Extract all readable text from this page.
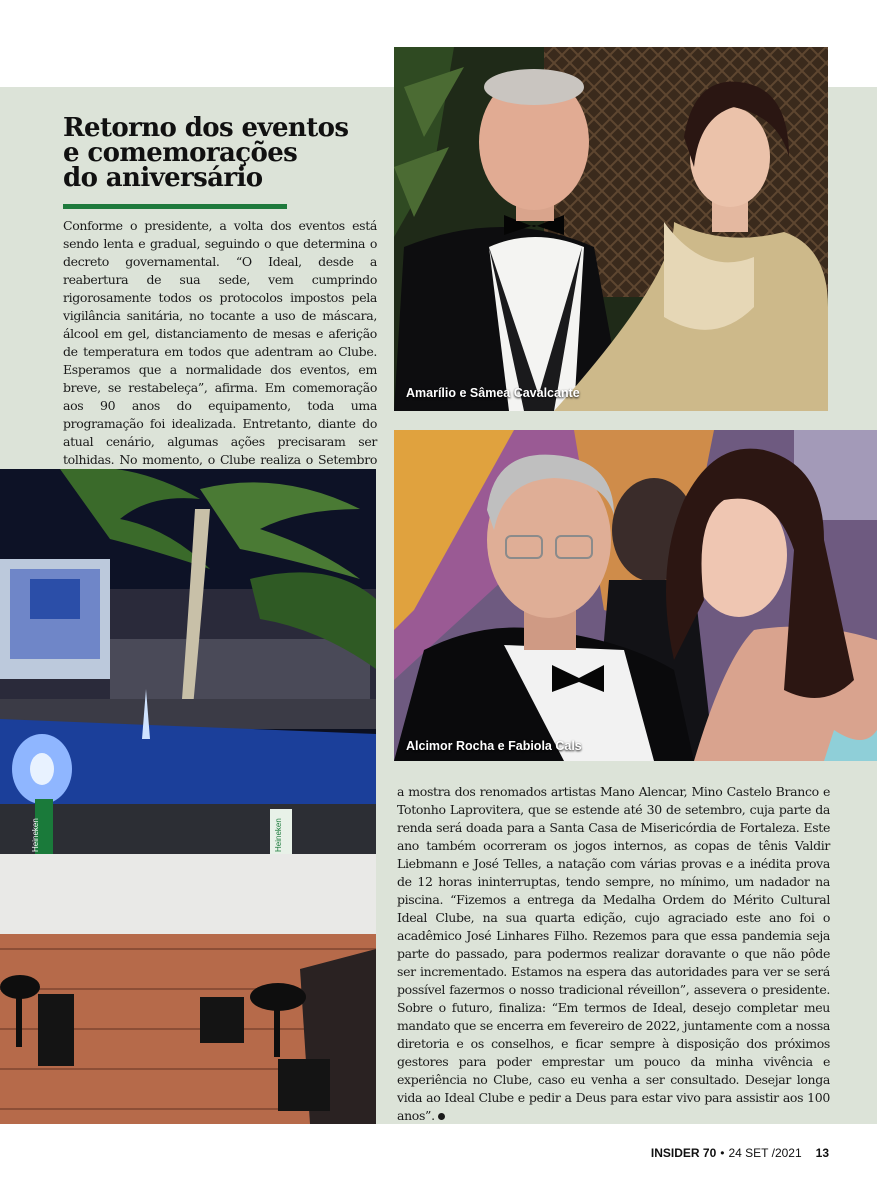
Retorno dos eventos
e comemorações
do aniversário

Conforme o presidente, a volta dos eventos está sendo lenta e gradual, seguindo o que determina o decreto governamental. “O Ideal, desde a reabertura de sua sede, vem cumprindo rigorosamente todos os protocolos impostos pela vigilância sanitária, no tocante a uso de máscara, álcool em gel, distanciamento de mesas e aferição de temperatura em todos que adentram ao Clube. Esperamos que a normalidade dos eventos, em breve, se restabeleça”, afirma. Em comemoração aos 90 anos do equipamento, toda uma programação foi idealizada. Entretanto, diante do atual cenário, algumas ações precisaram ser tolhidas. No momento, o Clube realiza o Setembro

Amarílio e Sâmea Cavalcante
Alcimor Rocha e Fabiola Cals
Heineken	Heineken

a mostra dos renomados artistas Mano Alencar, Mino Castelo Branco e Totonho Laprovitera, que se estende até 30 de setembro, cuja parte da renda será doada para a Santa Casa de Misericórdia de Fortaleza. Este ano também ocorreram os jogos internos, as copas de tênis Valdir Liebmann e José Telles, a natação com várias provas e a inédita prova de 12 horas ininterruptas, tendo sempre, no mínimo, um nadador na piscina. “Fizemos a entrega da Medalha Ordem do Mérito Cultural Ideal Clube, na sua quarta edição, cujo agraciado este ano foi o acadêmico José Linhares Filho. Rezemos para que essa pandemia seja parte do passado, para podermos realizar doravante o que não pôde ser incrementado. Estamos na espera das autoridades para ver se será possível fazermos o nosso tradicional réveillon”, assevera o presidente. Sobre o futuro, finaliza: “Em termos de Ideal, desejo completar meu mandato que se encerra em fevereiro de 2022, juntamente com a nossa diretoria e os conselhos, e ficar sempre à disposição dos próximos gestores para poder emprestar um pouco da minha vivência e experiência no Clube, caso eu venha a ser consultado. Desejar longa vida ao Ideal Clube e pedir a Deus para estar vivo para assistir aos 100 anos”.

INSIDER 70 • 24 SET /2021 13
